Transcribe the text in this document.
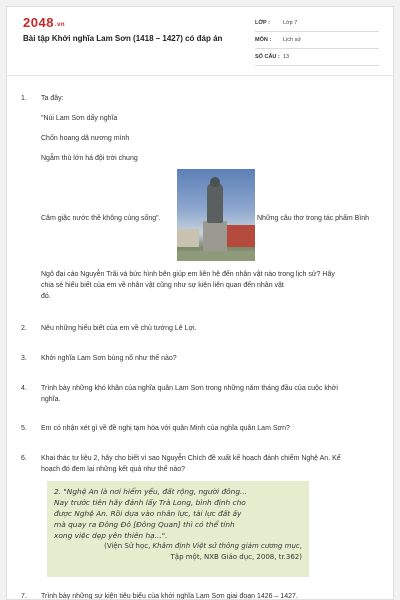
2048.vn
Bài tập Khởi nghĩa Lam Sơn (1418 – 1427) có đáp án
LỚP :	Lớp 7
MÔN :	Lịch sử
SỐ CÂU : 13
1. Ta đây:
"Núi Lam Sơn dấy nghĩa
Chốn hoang dã nương mình
Ngẫm thù lớn há đội trời chung
Căm giặc nước thề không cùng sống".	Những câu thơ trong tác phẩm Bình
Ngô đại cáo Nguyễn Trãi và bức hình bên giúp em liên hệ đến nhân vật nào trong lịch sử? Hãy
chia sẻ hiểu biết của em về nhân vật cũng như sự kiện liên quan đến nhân vật
đó.
2. Nêu những hiểu biết của em về chủ tướng Lê Lợi.
3. Khởi nghĩa Lam Sơn bùng nổ như thế nào?
4. Trình bày những khó khăn của nghĩa quân Lam Sơn trong những năm tháng đầu của cuộc khởi
nghĩa.
5. Em có nhận xét gì về đề nghị tạm hòa với quân Minh của nghĩa quân Lam Sơn?
6. Khai thác tư liệu 2, hãy cho biết vì sao Nguyễn Chích đề xuất kế hoạch đánh chiếm Nghệ An. Kế
hoạch đó đem lại những kết quả như thế nào?
2. "Nghệ An là nơi hiểm yếu, đất rộng, người đông...
Nay trước tiên hãy đánh lấy Trà Long, bình định cho
được Nghệ An. Rồi dựa vào nhân lực, tài lực đất ấy
mà quay ra Đông Đô [Đông Quan] thì có thể tính
xong việc dẹp yên thiên hạ...".
(Viện Sử học, Khâm định Việt sử thông giám cương mục,
Tập một, NXB Giáo dục, 2008, tr.362)
7. Trình bày những sự kiện tiêu biểu của khởi nghĩa Lam Sơn giai đoạn 1426 – 1427.
